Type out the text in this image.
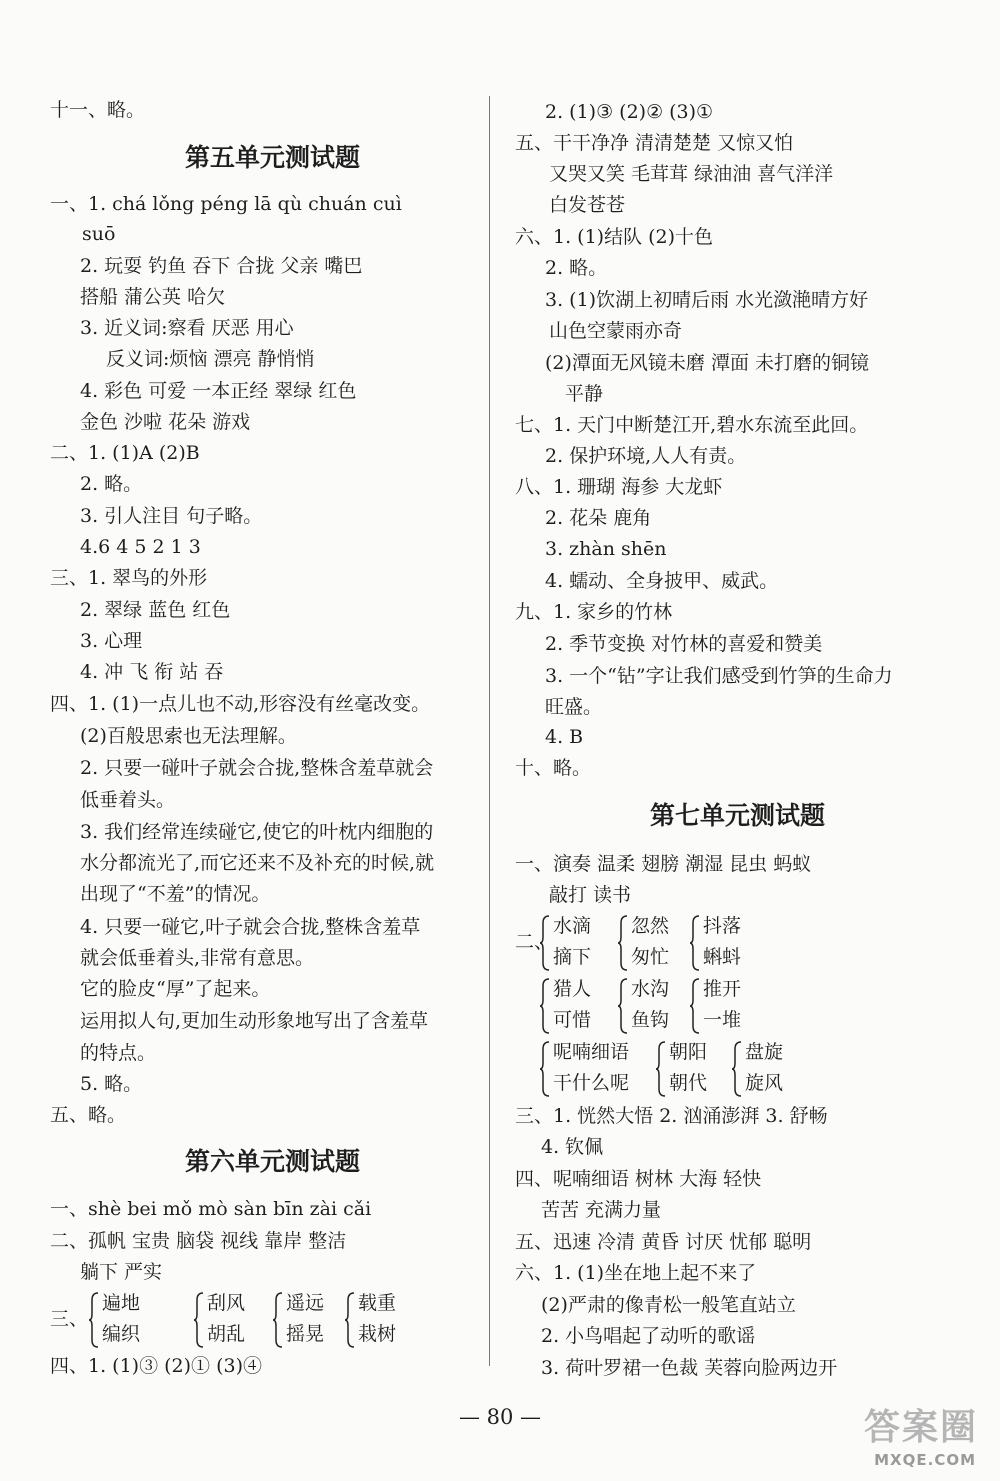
十一、略。
第五单元测试题
一、1. chá lǒng péng lā qù chuán cuì
suō
2. 玩耍 钓鱼 吞下 合拢 父亲 嘴巴
搭船 蒲公英 哈欠
3. 近义词:察看 厌恶 用心
反义词:烦恼 漂亮 静悄悄
4. 彩色 可爱 一本正经 翠绿 红色
金色 沙啦 花朵 游戏
二、1. (1)A (2)B
2. 略。
3. 引人注目 句子略。
4.6 4 5 2 1 3
三、1. 翠鸟的外形
2. 翠绿 蓝色 红色
3. 心理
4. 冲 飞 衔 站 吞
四、1. (1)一点儿也不动,形容没有丝毫改变。
(2)百般思索也无法理解。
2. 只要一碰叶子就会合拢,整株含羞草就会
低垂着头。
3. 我们经常连续碰它,使它的叶枕内细胞的
水分都流光了,而它还来不及补充的时候,就
出现了“不羞”的情况。
4. 只要一碰它,叶子就会合拢,整株含羞草
就会低垂着头,非常有意思。
它的脸皮“厚”了起来。
运用拟人句,更加生动形象地写出了含羞草
的特点。
5. 略。
五、略。
第六单元测试题
一、shè bei mǒ mò sàn bīn zài cǎi
二、孤帆 宝贵 脑袋 视线 靠岸 整洁
躺下 严实
三、
遍地
编织
刮风
胡乱
遥远
摇晃
载重
栽树
四、1. (1)③ (2)① (3)④
2. (1)③ (2)② (3)①
五、干干净净 清清楚楚 又惊又怕
又哭又笑 毛茸茸 绿油油 喜气洋洋
白发苍苍
六、1. (1)结队 (2)十色
2. 略。
3. (1)饮湖上初晴后雨 水光潋滟晴方好
山色空蒙雨亦奇
(2)潭面无风镜未磨 潭面 未打磨的铜镜
平静
七、1. 天门中断楚江开,碧水东流至此回。
2. 保护环境,人人有责。
八、1. 珊瑚 海参 大龙虾
2. 花朵 鹿角
3. zhàn shēn
4. 蠕动、全身披甲、威武。
九、1. 家乡的竹林
2. 季节变换 对竹林的喜爱和赞美
3. 一个“钻”字让我们感受到竹笋的生命力
旺盛。
4. B
十、略。
第七单元测试题
一、演奏 温柔 翅膀 潮湿 昆虫 蚂蚁
敲打 读书
二、
水滴
摘下
忽然
匆忙
抖落
蝌蚪
猎人
可惜
水沟
鱼钩
推开
一堆
呢喃细语
干什么呢
朝阳
朝代
盘旋
旋风
三、1. 恍然大悟 2. 汹涌澎湃 3. 舒畅
4. 钦佩
四、呢喃细语 树林 大海 轻快
苦苦 充满力量
五、迅速 冷清 黄昏 讨厌 忧郁 聪明
六、1. (1)坐在地上起不来了
(2)严肃的像青松一般笔直站立
2. 小鸟唱起了动听的歌谣
3. 荷叶罗裙一色裁 芙蓉向脸两边开
— 80 —	答案圈
MXQE.COM
